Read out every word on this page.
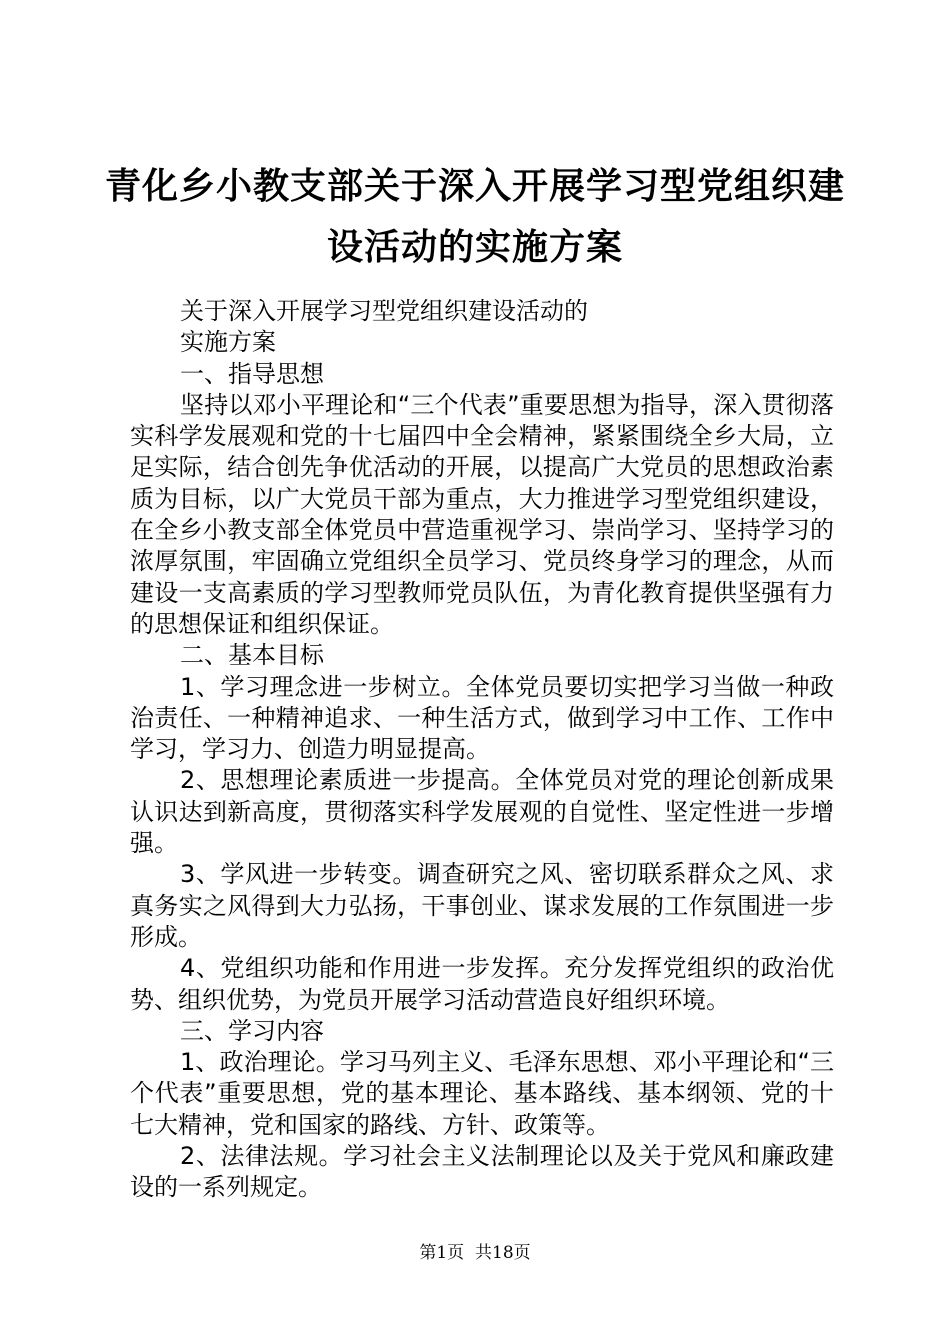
青化乡小教支部关于深入开展学习型党组织建
设活动的实施方案

关于深入开展学习型党组织建设活动的

实施方案

一、指导思想

坚持以邓小平理论和“三个代表”重要思想为指导，深入贯彻落实科学发展观和党的十七届四中全会精神，紧紧围绕全乡大局，立足实际，结合创先争优活动的开展，以提高广大党员的思想政治素质为目标，以广大党员干部为重点，大力推进学习型党组织建设，在全乡小教支部全体党员中营造重视学习、崇尚学习、坚持学习的浓厚氛围，牢固确立党组织全员学习、党员终身学习的理念，从而建设一支高素质的学习型教师党员队伍，为青化教育提供坚强有力的思想保证和组织保证。

二、基本目标

1、学习理念进一步树立。全体党员要切实把学习当做一种政治责任、一种精神追求、一种生活方式，做到学习中工作、工作中学习，学习力、创造力明显提高。

2、思想理论素质进一步提高。全体党员对党的理论创新成果认识达到新高度，贯彻落实科学发展观的自觉性、坚定性进一步增强。

3、学风进一步转变。调查研究之风、密切联系群众之风、求真务实之风得到大力弘扬，干事创业、谋求发展的工作氛围进一步形成。

4、党组织功能和作用进一步发挥。充分发挥党组织的政治优势、组织优势，为党员开展学习活动营造良好组织环境。

三、学习内容

1、政治理论。学习马列主义、毛泽东思想、邓小平理论和“三个代表”重要思想，党的基本理论、基本路线、基本纲领、党的十七大精神，党和国家的路线、方针、政策等。

2、法律法规。学习社会主义法制理论以及关于党风和廉政建设的一系列规定。

第1页 共18页
